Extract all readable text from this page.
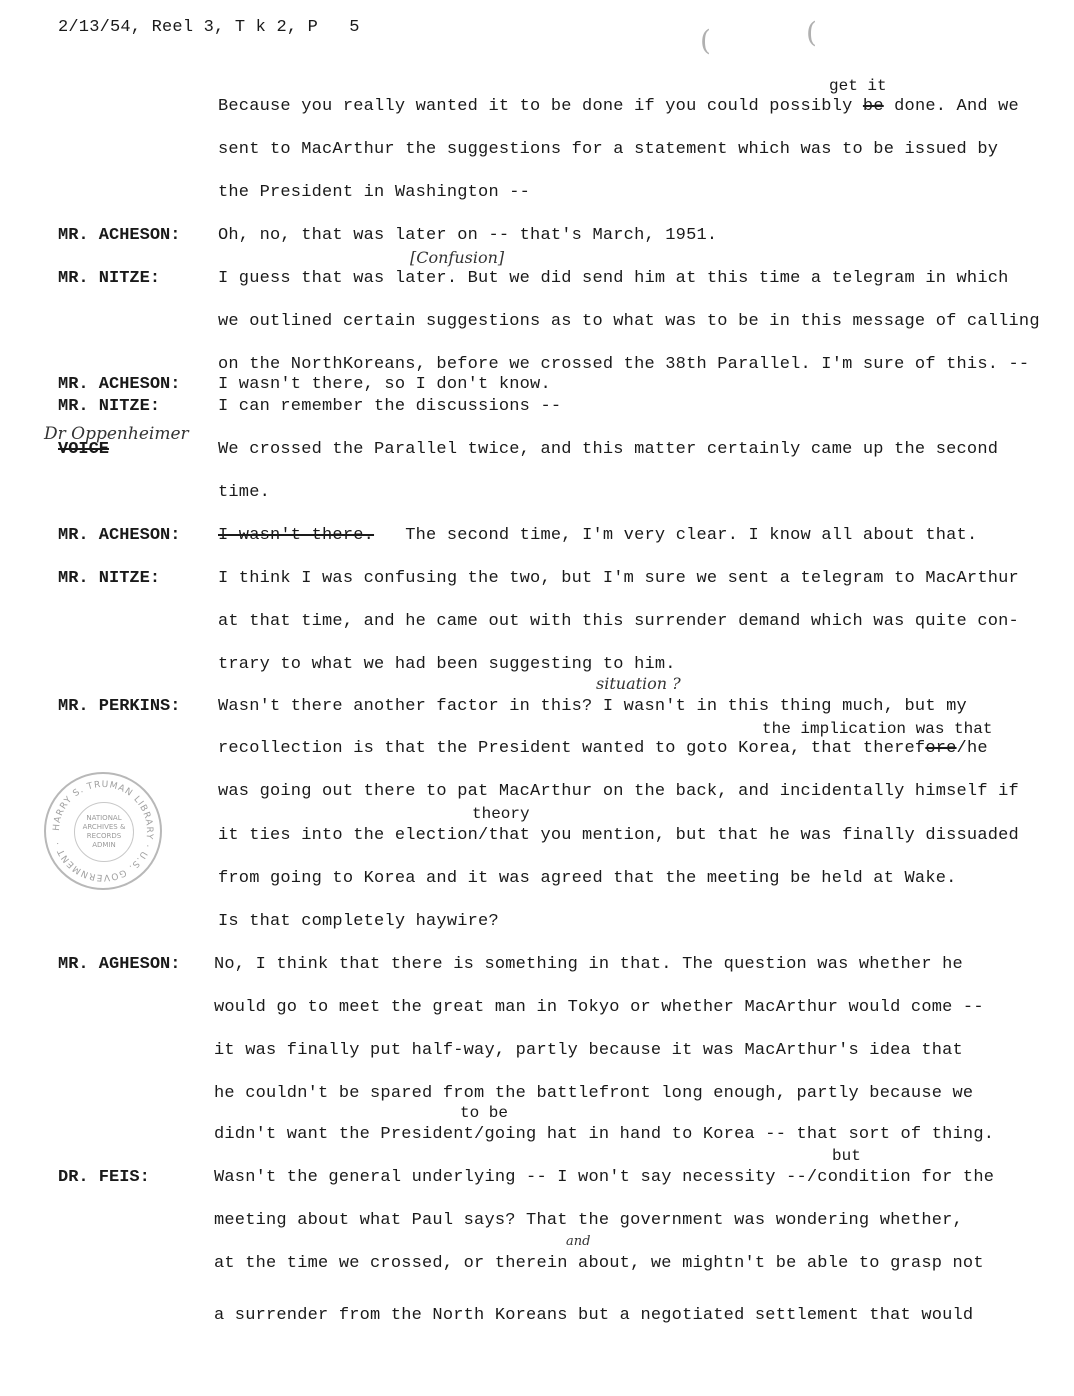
2/13/54, Reel 3, T k 2, P 5	(	(
get it
Because you really wanted it to be done if you could possibly be done. And we
sent to MacArthur the suggestions for a statement which was to be issued by
the President in Washington --
MR. ACHESON: Oh, no, that was later on -- that's March, 1951.
[Confusion]
MR. NITZE:	I guess that was later. But we did send him at this time a telegram in which
we outlined certain suggestions as to what was to be in this message of calling
on the NorthKoreans, before we crossed the 38th Parallel. I'm sure of this. --
MR. ACHESON: I wasn't there, so I don't know.
MR. NITZE:	I can remember the discussions --
Dr Oppenheimer
VOICE	We crossed the Parallel twice, and this matter certainly came up the second
time.
MR. ACHESON: I wasn't there. The second time, I'm very clear. I know all about that.
MR. NITZE:	I think I was confusing the two, but I'm sure we sent a telegram to MacArthur
at that time, and he came out with this surrender demand which was quite con-
trary to what we had been suggesting to him.
situation ?
MR. PERKINS: Wasn't there another factor in this? I wasn't in this thing much, but my
the implication was that
recollection is that the President wanted to goto Korea, that therefore/he
was going out there to pat MacArthur on the back, and incidentally himself if
theory
it ties into the election/that you mention, but that he was finally dissuaded
from going to Korea and it was agreed that the meeting be held at Wake.
Is that completely haywire?
MR. AGHESON: No, I think that there is something in that. The question was whether he
would go to meet the great man in Tokyo or whether MacArthur would come --
it was finally put half-way, partly because it was MacArthur's idea that
he couldn't be spared from the battlefront long enough, partly because we
to be
didn't want the President/going hat in hand to Korea -- that sort of thing.
but
DR. FEIS:	Wasn't the general underlying -- I won't say necessity --/condition for the
meeting about what Paul says? That the government was wondering whether,
and
at the time we crossed, or therein about, we mightn't be able to grasp not
a surrender from the North Koreans but a negotiated settlement that would
HARRY S. TRUMAN LIBRARY · U.S. GOVERNMENT ·
NATIONAL ARCHIVES & RECORDS ADMIN
